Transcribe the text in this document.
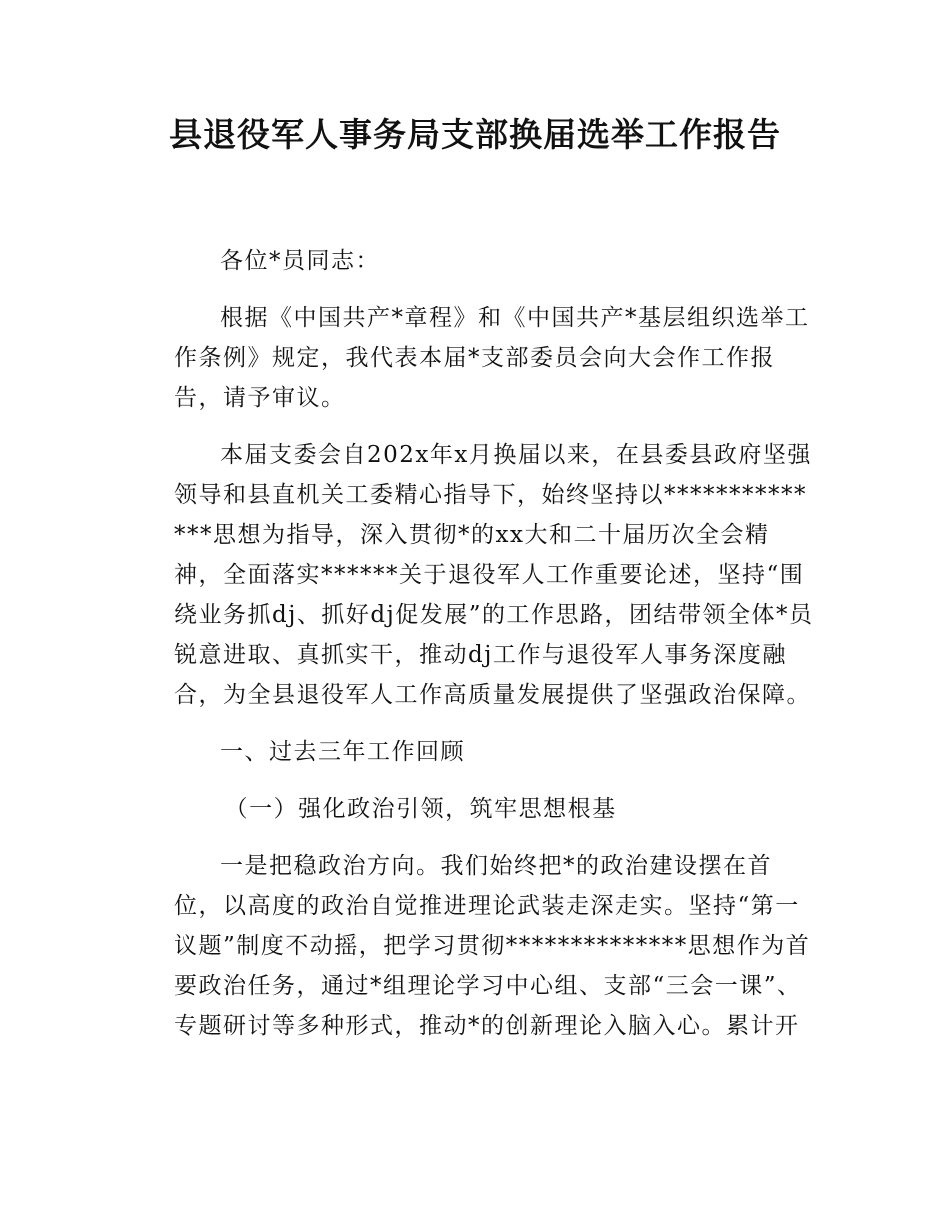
县退役军人事务局支部换届选举工作报告

各位*员同志：

根据《中国共产*章程》和《中国共产*基层组织选举工作条例》规定，我代表本届*支部委员会向大会作工作报告，请予审议。

本届支委会自202x年x月换届以来，在县委县政府坚强领导和县直机关工委精心指导下，始终坚持以**************思想为指导，深入贯彻*的xx大和二十届历次全会精神，全面落实******关于退役军人工作重要论述，坚持“围绕业务抓dj、抓好dj促发展”的工作思路，团结带领全体*员锐意进取、真抓实干，推动dj工作与退役军人事务深度融合，为全县退役军人工作高质量发展提供了坚强政治保障。

一、过去三年工作回顾

（一）强化政治引领，筑牢思想根基

一是把稳政治方向。我们始终把*的政治建设摆在首位，以高度的政治自觉推进理论武装走深走实。坚持“第一议题”制度不动摇，把学习贯彻**************思想作为首要政治任务，通过*组理论学习中心组、支部“三会一课”、专题研讨等多种形式，推动*的创新理论入脑入心。累计开
